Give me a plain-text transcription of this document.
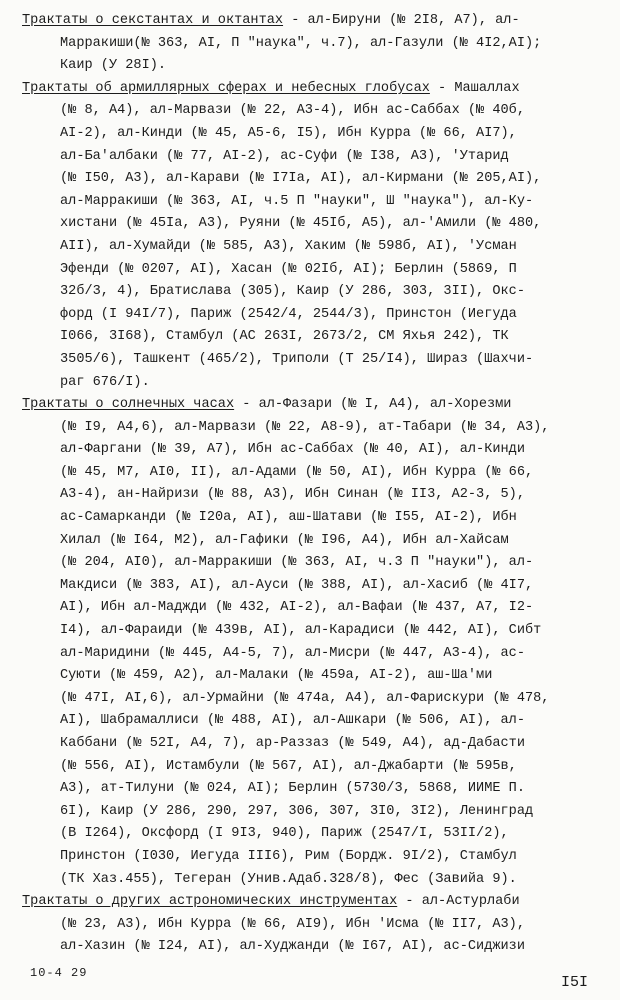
Трактаты о секстантах и октантах - ал-Бируни (№ 2I8, А7), ал-
Марракиши(№ 363, АI, П "наука", ч.7), ал-Газули (№ 4I2,АI);
Каир (У 28I).
Трактаты об армиллярных сферах и небесных глобусах - Машаллах
(№ 8, А4), ал-Марвази (№ 22, А3-4), Ибн ас-Саббах (№ 40б,
АI-2), ал-Кинди (№ 45, А5-6, I5), Ибн Курра (№ 66, АI7),
ал-Ба'албаки (№ 77, АI-2), ас-Суфи (№ I38, А3), 'Утарид
(№ I50, А3), ал-Карави (№ I7Iа, АI), ал-Кирмани (№ 205,АI),
ал-Марракиши (№ 363, АI, ч.5 П "науки", Ш "наука"), ал-Ку-
хистани (№ 45Iа, А3), Руяни (№ 45Iб, А5), ал-'Амили (№ 480,
АII), ал-Хумайди (№ 585, А3), Хаким (№ 598б, АI), 'Усман
Эфенди (№ 0207, АI), Хасан (№ 02Iб, АI); Берлин (5869, П
32б/3, 4), Братислава (305), Каир (У 286, 303, 3II), Окс-
форд (I 94I/7), Париж (2542/4, 2544/3), Принстон (Иегуда
I066, 3I68), Стамбул (АС 263I, 2673/2, СМ Яхья 242), ТК
3505/6), Ташкент (465/2), Триполи (Т 25/I4), Шираз (Шахчи-
раг 676/I).
Трактаты о солнечных часах - ал-Фазари (№ I, А4), ал-Хорезми
(№ I9, А4,6), ал-Марвази (№ 22, А8-9), ат-Табари (№ 34, А3),
ал-Фаргани (№ 39, А7), Ибн ас-Саббах (№ 40, АI), ал-Кинди
(№ 45, М7, АI0, II), ал-Адами (№ 50, АI), Ибн Курра (№ 66,
А3-4), ан-Найризи (№ 88, А3), Ибн Синан (№ II3, А2-3, 5),
ас-Самарканди (№ I20а, АI), аш-Шатави (№ I55, АI-2), Ибн
Хилал (№ I64, М2), ал-Гафики (№ I96, А4), Ибн ал-Хайсам
(№ 204, АI0), ал-Марракиши (№ 363, АI, ч.3 П "науки"), ал-
Макдиси (№ 383, АI), ал-Ауси (№ 388, АI), ал-Хасиб (№ 4I7,
АI), Ибн ал-Маджди (№ 432, АI-2), ал-Вафаи (№ 437, А7, I2-
I4), ал-Фараиди (№ 439в, АI), ал-Карадиси (№ 442, АI), Сибт
ал-Маридини (№ 445, А4-5, 7), ал-Мисри (№ 447, А3-4), ас-
Суюти (№ 459, А2), ал-Малаки (№ 459а, АI-2), аш-Ша'ми
(№ 47I, АI,6), ал-Урмайни (№ 474а, А4), ал-Фарискури (№ 478,
АI), Шабрамаллиси (№ 488, АI), ал-Ашкари (№ 506, АI), ал-
Каббани (№ 52I, А4, 7), ар-Раззаз (№ 549, А4), ад-Дабасти
(№ 556, АI), Истамбули (№ 567, АI), ал-Джабарти (№ 595в,
А3), ат-Тилуни (№ 024, АI); Берлин (5730/3, 5868, ИИМЕ П.
6I), Каир (У 286, 290, 297, 306, 307, 3I0, 3I2), Ленинград
(В I264), Оксфорд (I 9I3, 940), Париж (2547/I, 53II/2),
Принстон (I030, Иегуда III6), Рим (Бордж. 9I/2), Стамбул
(ТК Хаз.455), Тегеран (Унив.Адаб.328/8), Фес (Завийа 9).
Трактаты о других астрономических инструментах - ал-Астурлаби
(№ 23, А3), Ибн Курра (№ 66, АI9), Ибн 'Исма (№ II7, А3),
ал-Хазин (№ I24, АI), ал-Худжанди (№ I67, АI), ас-Сиджизи
10-4 29
I5I
